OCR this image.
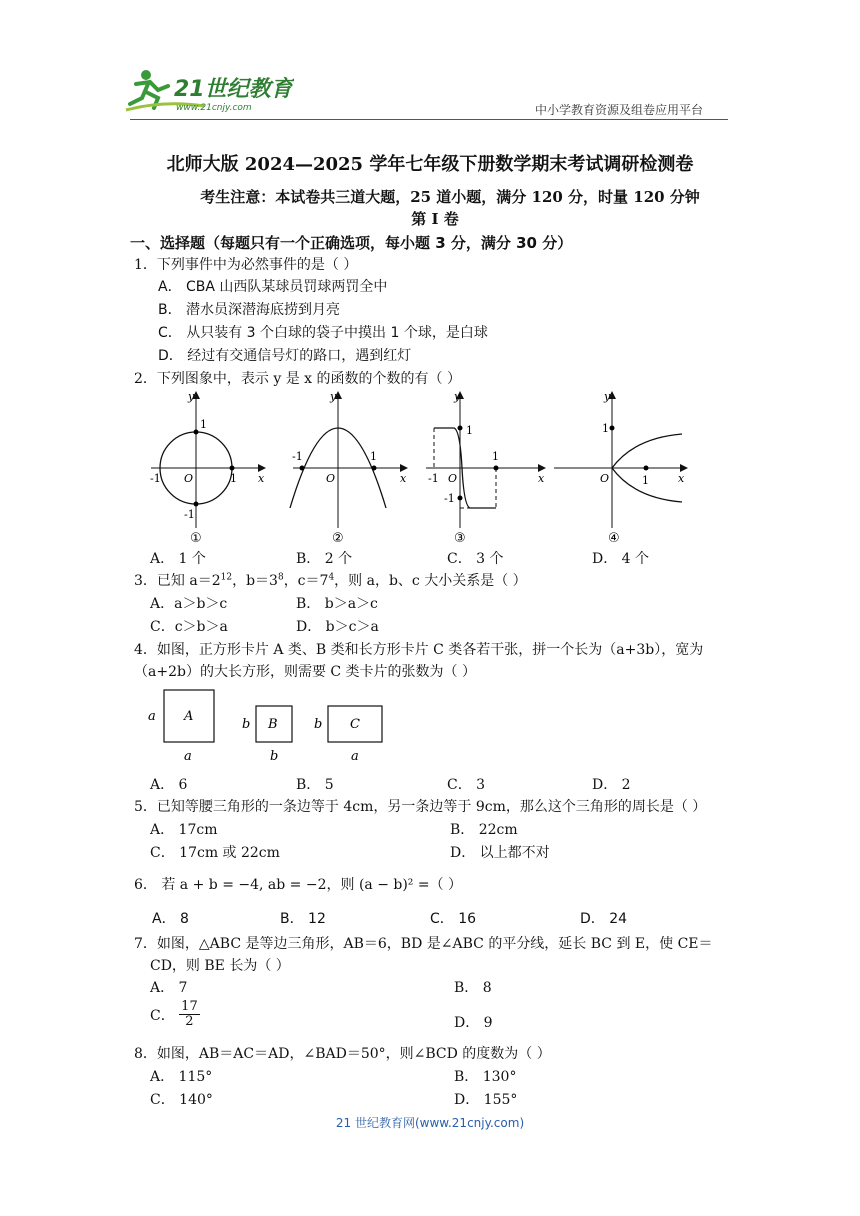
21世纪教育
www.21cnjy.com	中小学教育资源及组卷应用平台
北师大版 2024—2025 学年七年级下册数学期末考试调研检测卷
考生注意：本试卷共三道大题，25 道小题，满分 120 分，时量 120 分钟
第 I 卷
一、选择题（每题只有一个正确选项，每小题 3 分，满分 30 分）
1．下列事件中为必然事件的是（ ）
A． CBA 山西队某球员罚球两罚全中
B． 潜水员深潜海底捞到月亮
C． 从只装有 3 个白球的袋子中摸出 1 个球，是白球
D． 经过有交通信号灯的路口，遇到红灯
2．下列图象中，表示 y 是 x 的函数的个数的有（ ）
y
x
O
1
1
-1
-1
①
y
x
O
-1	1
②
y
x
O
1
1
-1
-1
③
y
x
O
1
1
④
A． 1 个	B． 2 个	C． 3 个	D． 4 个
3．已知 $a=2^{12}$，$b=3^8$，$c=7^4$，则 a，b、c 大小关系是（ ）
A．a＞b＞c	B． b＞a＞c
C．c＞b＞a	D． b＞c＞a
4．如图，正方形卡片 A 类、B 类和长方形卡片 C 类各若干张，拼一个长为（a+3b），宽为
（a+2b）的大长方形，则需要 C 类卡片的张数为（ ）
a A
a
b B
b
b C
a
A． 6	B． 5	C． 3	D． 2
5．已知等腰三角形的一条边等于 4cm，另一条边等于 9cm，那么这个三角形的周长是（ ）
A． 17cm	B． 22cm
C． 17cm 或 22cm	D． 以上都不对
6． 若 a + b = −4, ab = −2，则 (a − b)² =（ ）
A． 8	B． 12	C． 16	D． 24
7．如图，△ABC 是等边三角形，AB＝6，BD 是∠ABC 的平分线，延长 BC 到 E，使 CE＝
CD，则 BE 长为（ ）
A． 7	B． 8
C． $\frac{17}{2}$	D． 9
8．如图，AB＝AC＝AD，∠BAD＝50°，则∠BCD 的度数为（ ）
A． 115°	B． 130°
C． 140°	D． 155°
21 世纪教育网(www.21cnjy.com)
